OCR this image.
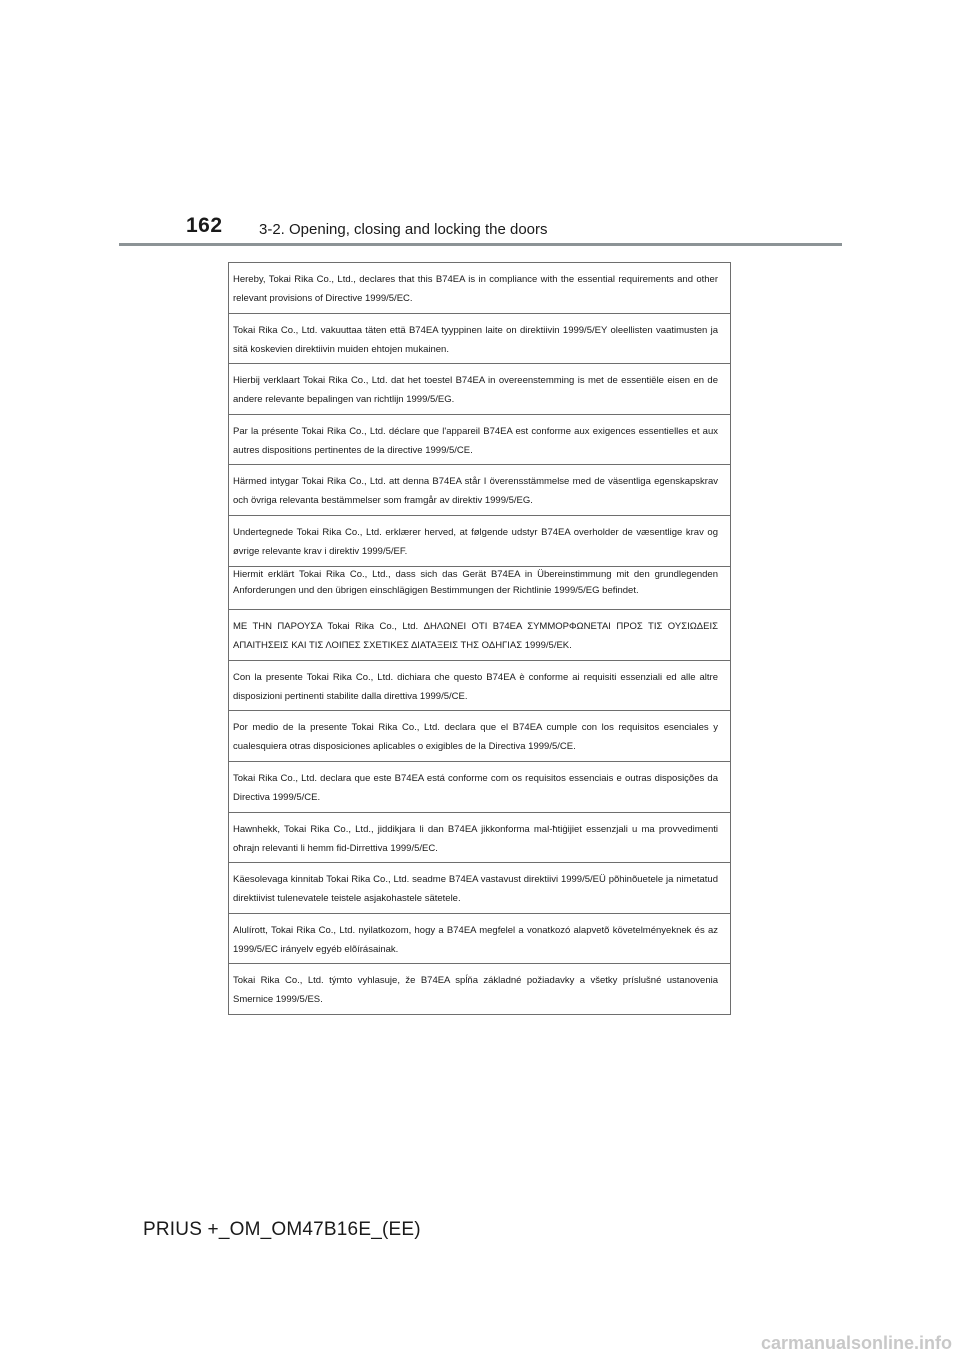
162 3-2. Opening, closing and locking the doors
Hereby, Tokai Rika Co., Ltd., declares that this B74EA is in compliance with the essential requirements and other relevant provisions of Directive 1999/5/EC.
Tokai Rika Co., Ltd. vakuuttaa täten että B74EA tyyppinen laite on direktiivin 1999/5/EY oleellisten vaatimusten ja sitä koskevien direktiivin muiden ehtojen mukainen.
Hierbij verklaart Tokai Rika Co., Ltd. dat het toestel B74EA in overeenstemming is met de essentiële eisen en de andere relevante bepalingen van richtlijn 1999/5/EG.
Par la présente Tokai Rika Co., Ltd. déclare que l'appareil B74EA est conforme aux exigences essentielles et aux autres dispositions pertinentes de la directive 1999/5/CE.
Härmed intygar Tokai Rika Co., Ltd. att denna B74EA står I överensstämmelse med de väsentliga egenskapskrav och övriga relevanta bestämmelser som framgår av direktiv 1999/5/EG.
Undertegnede Tokai Rika Co., Ltd. erklærer herved, at følgende udstyr B74EA overholder de væsentlige krav og øvrige relevante krav i direktiv 1999/5/EF.
Hiermit erklärt Tokai Rika Co., Ltd., dass sich das Gerät B74EA in Übereinstimmung mit den grundlegenden Anforderungen und den übrigen einschlägigen Bestimmungen der Richtlinie 1999/5/EG befindet.
ΜΕ ΤΗΝ ΠΑΡΟΥΣΑ Tokai Rika Co., Ltd. ΔΗΛΩΝΕΙ ΟΤΙ B74EA ΣΥΜΜΟΡΦΩΝΕΤΑΙ ΠΡΟΣ ΤΙΣ ΟΥΣΙΩΔΕΙΣ ΑΠΑΙΤΗΣΕΙΣ ΚΑΙ ΤΙΣ ΛΟΙΠΕΣ ΣΧΕΤΙΚΕΣ ΔΙΑΤΑΞΕΙΣ ΤΗΣ ΟΔΗΓΙΑΣ 1999/5/ΕΚ.
Con la presente Tokai Rika Co., Ltd. dichiara che questo B74EA è conforme ai requisiti essenziali ed alle altre disposizioni pertinenti stabilite dalla direttiva 1999/5/CE.
Por medio de la presente Tokai Rika Co., Ltd. declara que el B74EA cumple con los requisitos esenciales y cualesquiera otras disposiciones aplicables o exigibles de la Directiva 1999/5/CE.
Tokai Rika Co., Ltd. declara que este B74EA está conforme com os requisitos essenciais e outras disposições da Directiva 1999/5/CE.
Hawnhekk, Tokai Rika Co., Ltd., jiddikjara li dan B74EA jikkonforma mal-ħtiġijiet essenzjali u ma provvedimenti oħrajn relevanti li hemm fid-Dirrettiva 1999/5/EC.
Käesolevaga kinnitab Tokai Rika Co., Ltd. seadme B74EA vastavust direktiivi 1999/5/EÜ põhinõuetele ja nimetatud direktiivist tulenevatele teistele asjakohastele sätetele.
Alulírott, Tokai Rika Co., Ltd. nyilatkozom, hogy a B74EA megfelel a vonatkozó alapvetõ követelményeknek és az 1999/5/EC irányelv egyéb elõírásainak.
Tokai Rika Co., Ltd. týmto vyhlasuje, že B74EA spĺňa základné požiadavky a všetky príslušné ustanovenia Smernice 1999/5/ES.
PRIUS +_OM_OM47B16E_(EE)
carmanualsonline.info
